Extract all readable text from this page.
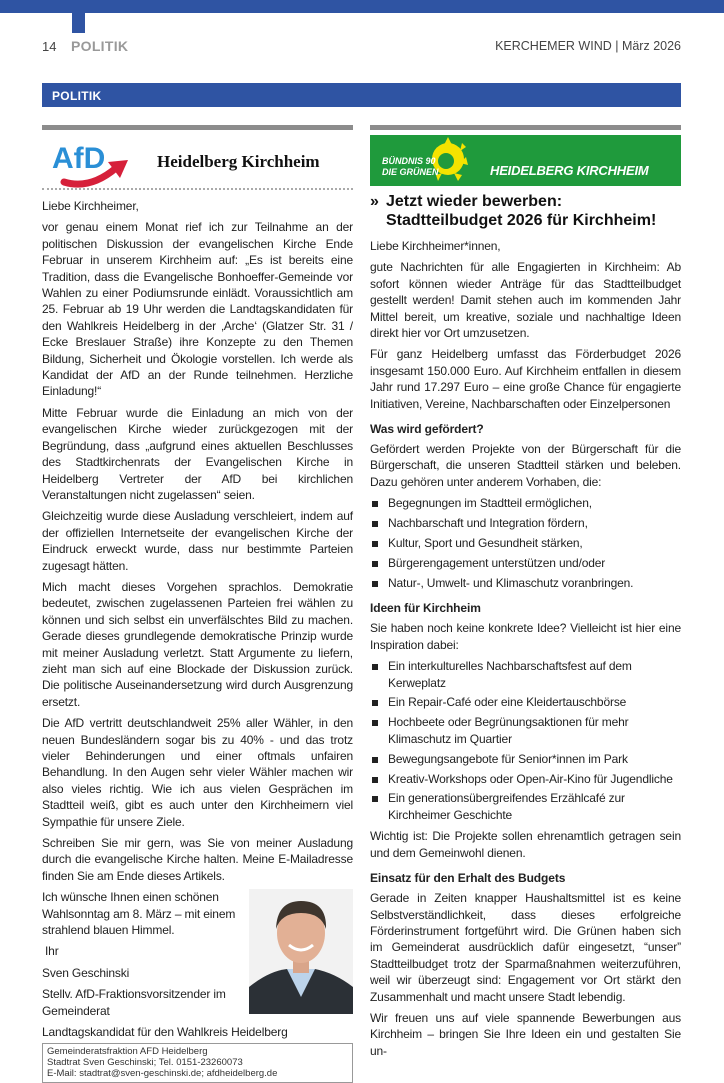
14 POLITIK	KERCHEMER WIND | März 2026
POLITIK
AfD	Heidelberg Kirchheim

Liebe Kirchheimer,

vor genau einem Monat rief ich zur Teilnahme an der politischen Diskussion der evangelischen Kirche Ende Februar in unserem Kirchheim auf: „Es ist bereits eine Tradition, dass die Evangelische Bonhoeffer-Gemeinde vor Wahlen zu einer Podiumsrunde einlädt. Voraussichtlich am 25. Februar ab 19 Uhr werden die Landtagskandidaten für den Wahlkreis Heidelberg in der ‚Arche‘ (Glatzer Str. 31 / Ecke Breslauer Straße) ihre Konzepte zu den Themen Bildung, Sicherheit und Ökologie vorstellen. Ich werde als Kandidat der AfD an der Runde teilnehmen. Herzliche Einladung!“

Mitte Februar wurde die Einladung an mich von der evangelischen Kirche wieder zurückgezogen mit der Begründung, dass „aufgrund eines aktuellen Beschlusses des Stadtkirchenrats der Evangelischen Kirche in Heidelberg Vertreter der AfD bei kirchlichen Veranstaltungen nicht zugelassen“ seien.

Gleichzeitig wurde diese Ausladung verschleiert, indem auf der offiziellen Internetseite der evangelischen Kirche der Eindruck erweckt wurde, dass nur bestimmte Parteien zugesagt hätten.

Mich macht dieses Vorgehen sprachlos. Demokratie bedeutet, zwischen zugelassenen Parteien frei wählen zu können und sich selbst ein unverfälschtes Bild zu machen. Gerade dieses grundlegende demokratische Prinzip wurde mit meiner Ausladung verletzt. Statt Argumente zu liefern, zieht man sich auf eine Blockade der Diskussion zurück. Die politische Auseinandersetzung wird durch Ausgrenzung ersetzt.

Die AfD vertritt deutschlandweit 25% aller Wähler, in den neuen Bundesländern sogar bis zu 40% - und das trotz vieler Behinderungen und einer oftmals unfairen Behandlung. In den Augen sehr vieler Wähler machen wir also vieles richtig. Wie ich aus vielen Gesprächen im Stadtteil weiß, gibt es auch unter den Kirchheimern viel Sympathie für unsere Ziele.

Schreiben Sie mir gern, was Sie von meiner Ausladung durch die evangelische Kirche halten. Meine E-Mailadresse finden Sie am Ende dieses Artikels.

Ich wünsche Ihnen einen schönen Wahlsonntag am 8. März – mit einem strahlend blauen Himmel.

Ihr

Sven Geschinski

Stellv. AfD-Fraktionsvorsitzender im Gemeinderat

Landtagskandidat für den Wahlkreis Heidelberg

Gemeinderatsfraktion AFD Heidelberg
Stadtrat Sven Geschinski; Tel. 0151-23260073
E-Mail: stadtrat@sven-geschinski.de; afdheidelberg.de
BÜNDNIS 90
DIE GRÜNEN	HEIDELBERG KIRCHHEIM
» Jetzt wieder bewerben: Stadtteilbudget 2026 für Kirchheim!

Liebe Kirchheimer*innen,

gute Nachrichten für alle Engagierten in Kirchheim: Ab sofort können wieder Anträge für das Stadtteilbudget gestellt werden! Damit stehen auch im kommenden Jahr Mittel bereit, um kreative, soziale und nachhaltige Ideen direkt hier vor Ort umzusetzen.

Für ganz Heidelberg umfasst das Förderbudget 2026 insgesamt 150.000 Euro. Auf Kirchheim entfallen in diesem Jahr rund 17.297 Euro – eine große Chance für engagierte Initiativen, Vereine, Nachbarschaften oder Einzelpersonen

Was wird gefördert?

Gefördert werden Projekte von der Bürgerschaft für die Bürgerschaft, die unseren Stadtteil stärken und beleben. Dazu gehören unter anderem Vorhaben, die:

Begegnungen im Stadtteil ermöglichen,
Nachbarschaft und Integration fördern,
Kultur, Sport und Gesundheit stärken,
Bürgerengagement unterstützen und/oder
Natur-, Umwelt- und Klimaschutz voranbringen.
Ideen für Kirchheim

Sie haben noch keine konkrete Idee? Vielleicht ist hier eine Inspiration dabei:

Ein interkulturelles Nachbarschaftsfest auf dem Kerweplatz
Ein Repair-Café oder eine Kleidertauschbörse
Hochbeete oder Begrünungsaktionen für mehr Klimaschutz im Quartier
Bewegungsangebote für Senior*innen im Park
Kreativ-Workshops oder Open-Air-Kino für Jugendliche
Ein generationsübergreifendes Erzählcafé zur Kirchheimer Geschichte

Wichtig ist: Die Projekte sollen ehrenamtlich getragen sein und dem Gemeinwohl dienen.

Einsatz für den Erhalt des Budgets

Gerade in Zeiten knapper Haushaltsmittel ist es keine Selbstverständlichkeit, dass dieses erfolgreiche Förderinstrument fortgeführt wird. Die Grünen haben sich im Gemeinderat ausdrücklich dafür eingesetzt, “unser” Stadtteilbudget trotz der Sparmaßnahmen weiterzuführen, weil wir überzeugt sind: Engagement vor Ort stärkt den Zusammenhalt und macht unsere Stadt lebendig.

Wir freuen uns auf viele spannende Bewerbungen aus Kirchheim – bringen Sie Ihre Ideen ein und gestalten Sie un-
